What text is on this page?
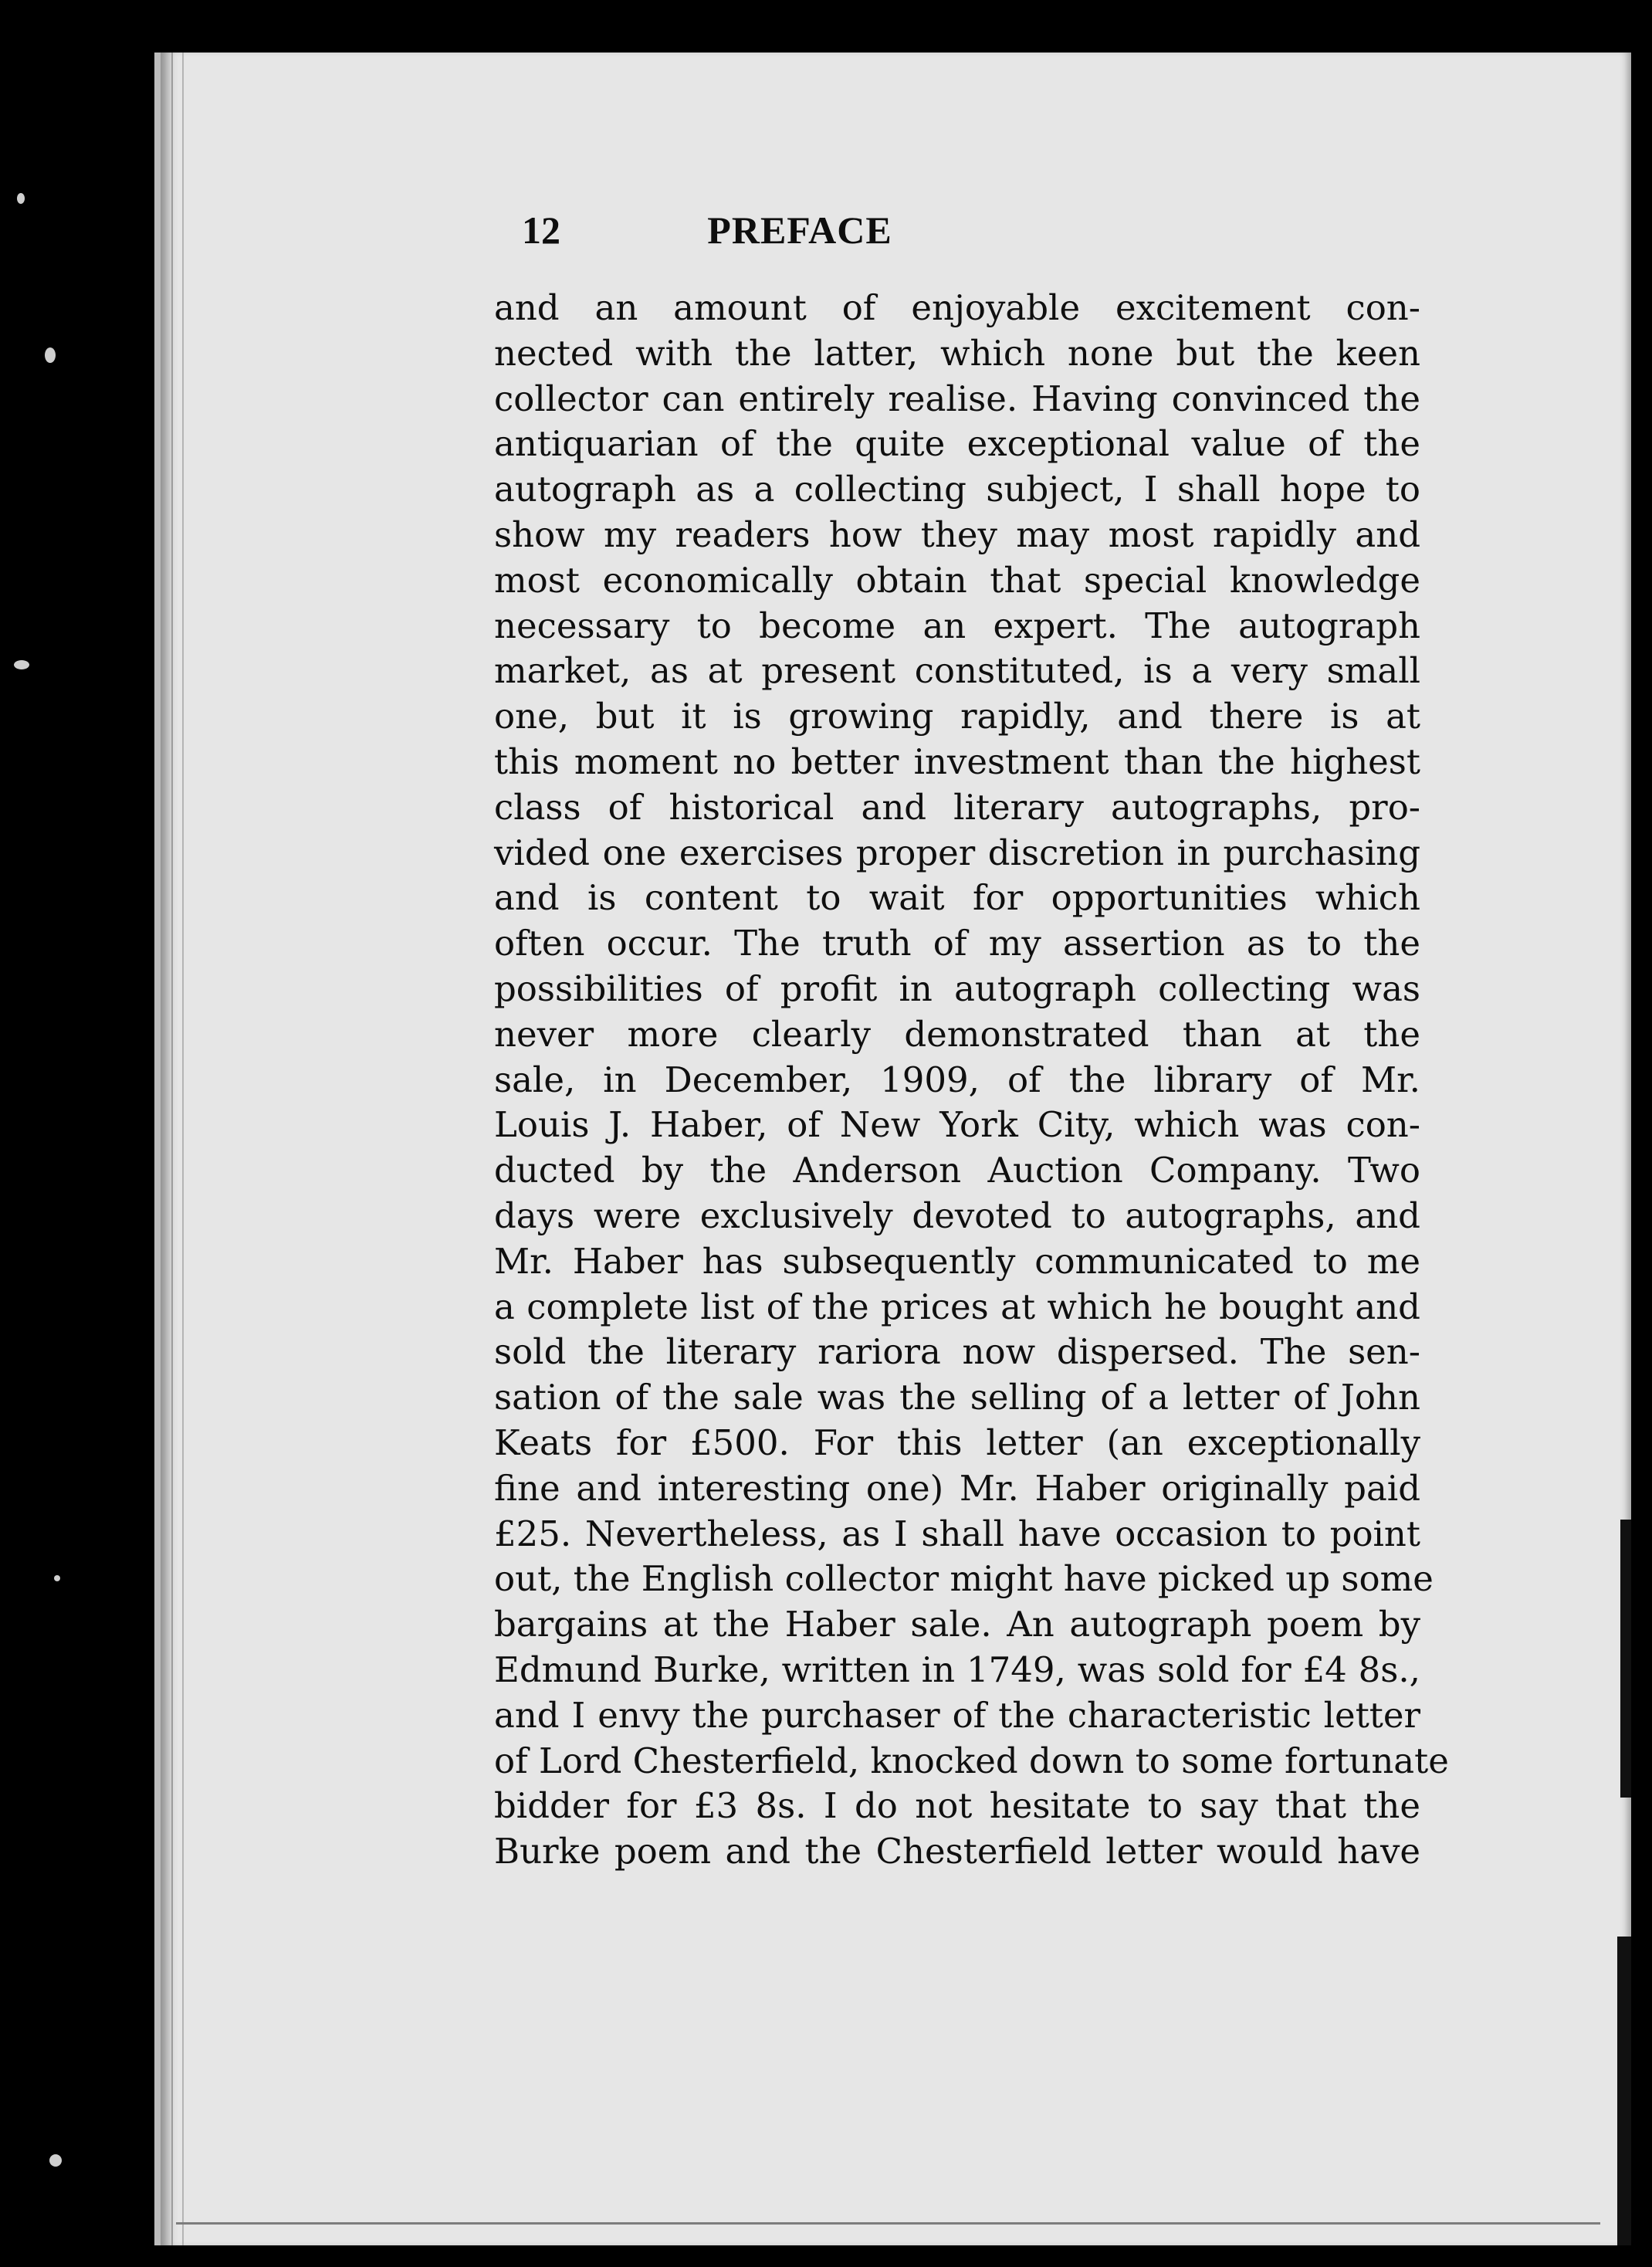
12	PREFACE
and an amount of enjoyable excitement con-
nected with the latter, which none but the keen
collector can entirely realise. Having convinced the
antiquarian of the quite exceptional value of the
autograph as a collecting subject, I shall hope to
show my readers how they may most rapidly and
most economically obtain that special knowledge
necessary to become an expert. The autograph
market, as at present constituted, is a very small
one, but it is growing rapidly, and there is at
this moment no better investment than the highest
class of historical and literary autographs, pro-
vided one exercises proper discretion in purchasing
and is content to wait for opportunities which
often occur. The truth of my assertion as to the
possibilities of profit in autograph collecting was
never more clearly demonstrated than at the
sale, in December, 1909, of the library of Mr.
Louis J. Haber, of New York City, which was con-
ducted by the Anderson Auction Company. Two
days were exclusively devoted to autographs, and
Mr. Haber has subsequently communicated to me
a complete list of the prices at which he bought and
sold the literary rariora now dispersed. The sen-
sation of the sale was the selling of a letter of John
Keats for £500. For this letter (an exceptionally
fine and interesting one) Mr. Haber originally paid
£25. Nevertheless, as I shall have occasion to point
out, the English collector might have picked up some
bargains at the Haber sale. An autograph poem by
Edmund Burke, written in 1749, was sold for £4 8s.,
and I envy the purchaser of the characteristic letter
of Lord Chesterfield, knocked down to some fortunate
bidder for £3 8s. I do not hesitate to say that the
Burke poem and the Chesterfield letter would have
